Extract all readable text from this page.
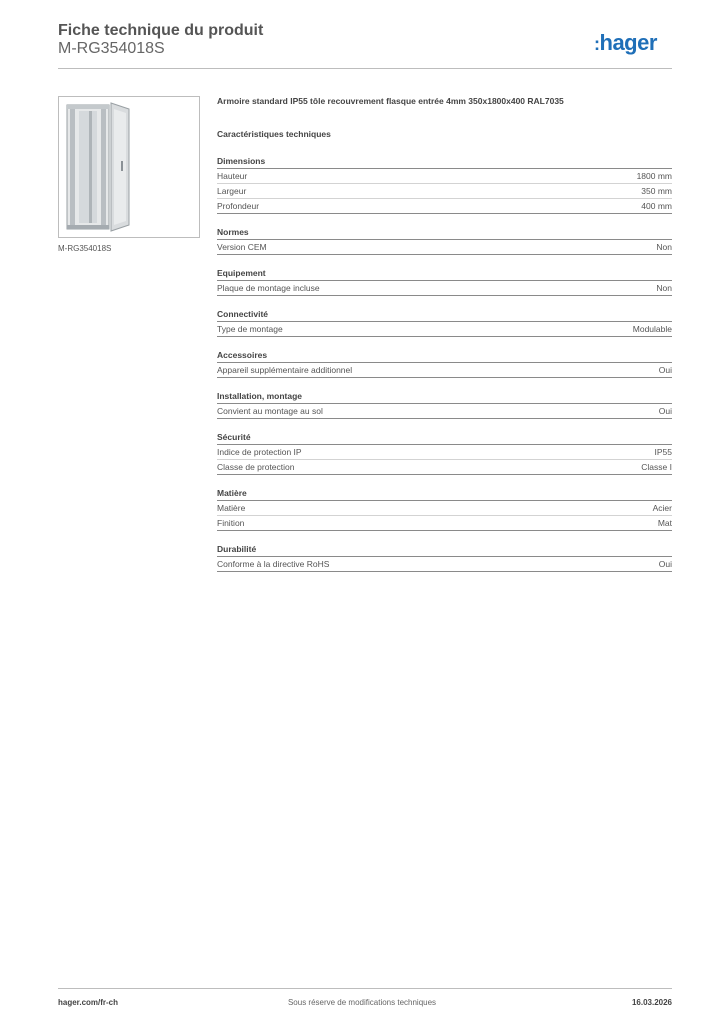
Fiche technique du produit
M-RG354018S	:hager
M-RG354018S
Armoire standard IP55 tôle recouvrement flasque entrée 4mm 350x1800x400 RAL7035
Caractéristiques techniques
Dimensions
Hauteur	1800 mm
Largeur	350 mm
Profondeur	400 mm
Normes
Version CEM	Non
Equipement
Plaque de montage incluse	Non
Connectivité
Type de montage	Modulable
Accessoires
Appareil supplémentaire additionnel	Oui
Installation, montage
Convient au montage au sol	Oui
Sécurité
Indice de protection IP	IP55
Classe de protection	Classe I
Matière
Matière	Acier
Finition	Mat
Durabilité
Conforme à la directive RoHS	Oui
hager.com/fr-ch	Sous réserve de modifications techniques	16.03.2026
